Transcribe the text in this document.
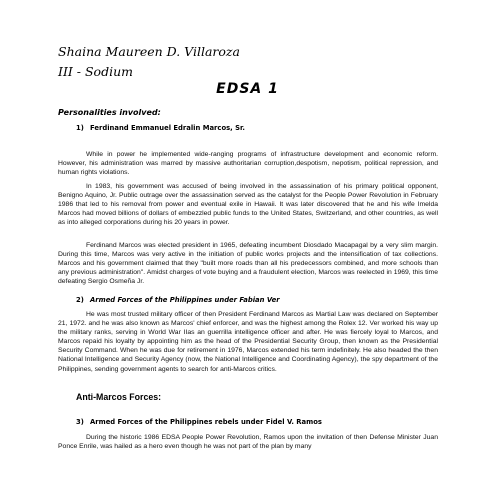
Shaina Maureen D. Villaroza
III - Sodium
EDSA 1
Personalities involved:
1) Ferdinand Emmanuel Edralin Marcos, Sr.

While in power he implemented wide-ranging programs of infrastructure development and economic reform. However, his administration was marred by massive authoritarian corruption,despotism, nepotism, political repression, and human rights violations.

In 1983, his government was accused of being involved in the assassination of his primary political opponent, Benigno Aquino, Jr. Public outrage over the assassination served as the catalyst for the People Power Revolution in February 1986 that led to his removal from power and eventual exile in Hawaii. It was later discovered that he and his wife Imelda Marcos had moved billions of dollars of embezzled public funds to the United States, Switzerland, and other countries, as well as into alleged corporations during his 20 years in power.

Ferdinand Marcos was elected president in 1965, defeating incumbent Diosdado Macapagal by a very slim margin. During this time, Marcos was very active in the initiation of public works projects and the intensification of tax collections. Marcos and his government claimed that they "built more roads than all his predecessors combined, and more schools than any previous administration". Amidst charges of vote buying and a fraudulent election, Marcos was reelected in 1969, this time defeating Sergio Osmeña Jr.

2) Armed Forces of the Philippines under Fabian Ver

He was most trusted military officer of then President Ferdinand Marcos as Martial Law was declared on September 21, 1972. and he was also known as Marcos' chief enforcer, and was the highest among the Rolex 12. Ver worked his way up the military ranks, serving in World War IIas an guerrilla intelligence officer and after. He was fiercely loyal to Marcos, and Marcos repaid his loyalty by appointing him as the head of the Presidential Security Group, then known as the Presidential Security Command. When he was due for retirement in 1976, Marcos extended his term indefinitely. He also headed the then National Intelligence and Security Agency (now, the National Intelligence and Coordinating Agency), the spy department of the Philippines, sending government agents to search for anti-Marcos critics.

Anti-Marcos Forces:
3) Armed Forces of the Philippines rebels under Fidel V. Ramos

During the historic 1986 EDSA People Power Revolution, Ramos upon the invitation of then Defense Minister Juan Ponce Enrile, was hailed as a hero even though he was not part of the plan by many
